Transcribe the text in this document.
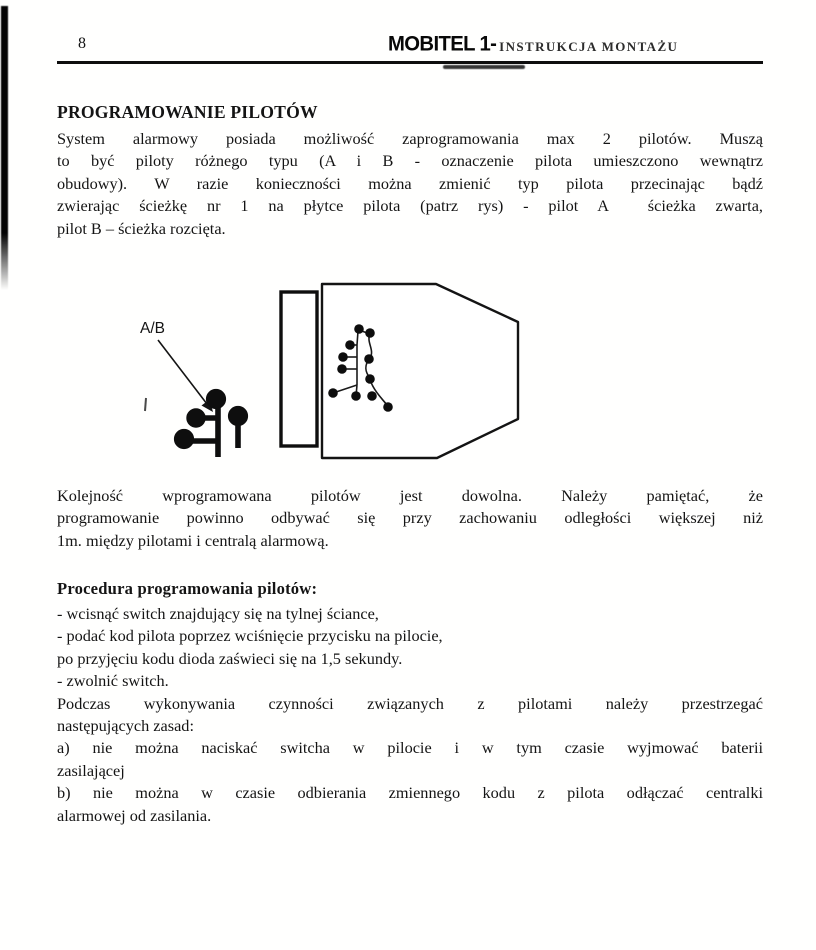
8	MOBITEL 1- INSTRUKCJA MONTAŻU
PROGRAMOWANIE PILOTÓW
System alarmowy posiada możliwość zaprogramowania max 2 pilotów. Muszą
to być piloty różnego typu (A i B - oznaczenie pilota umieszczono wewnątrz
obudowy). W razie konieczności można zmienić typ pilota przecinając bądź
zwierając ścieżkę nr 1 na płytce pilota (patrz rys) - pilot A  ścieżka zwarta,
pilot B – ścieżka rozcięta.
A/B
Kolejność wprogramowana pilotów jest dowolna. Należy pamiętać, że
programowanie powinno odbywać się przy zachowaniu odległości większej niż
1m. między pilotami i centralą alarmową.
Procedura programowania pilotów:
- wcisnąć switch znajdujący się na tylnej ściance,
- podać kod pilota poprzez wciśnięcie przycisku na pilocie,
po przyjęciu kodu dioda zaświeci się na 1,5 sekundy.
- zwolnić switch.
Podczas wykonywania czynności związanych z pilotami należy przestrzegać
następujących zasad:
a) nie można naciskać switcha w pilocie i w tym czasie wyjmować baterii
zasilającej
b) nie można w czasie odbierania zmiennego kodu z pilota odłączać centralki
alarmowej od zasilania.
